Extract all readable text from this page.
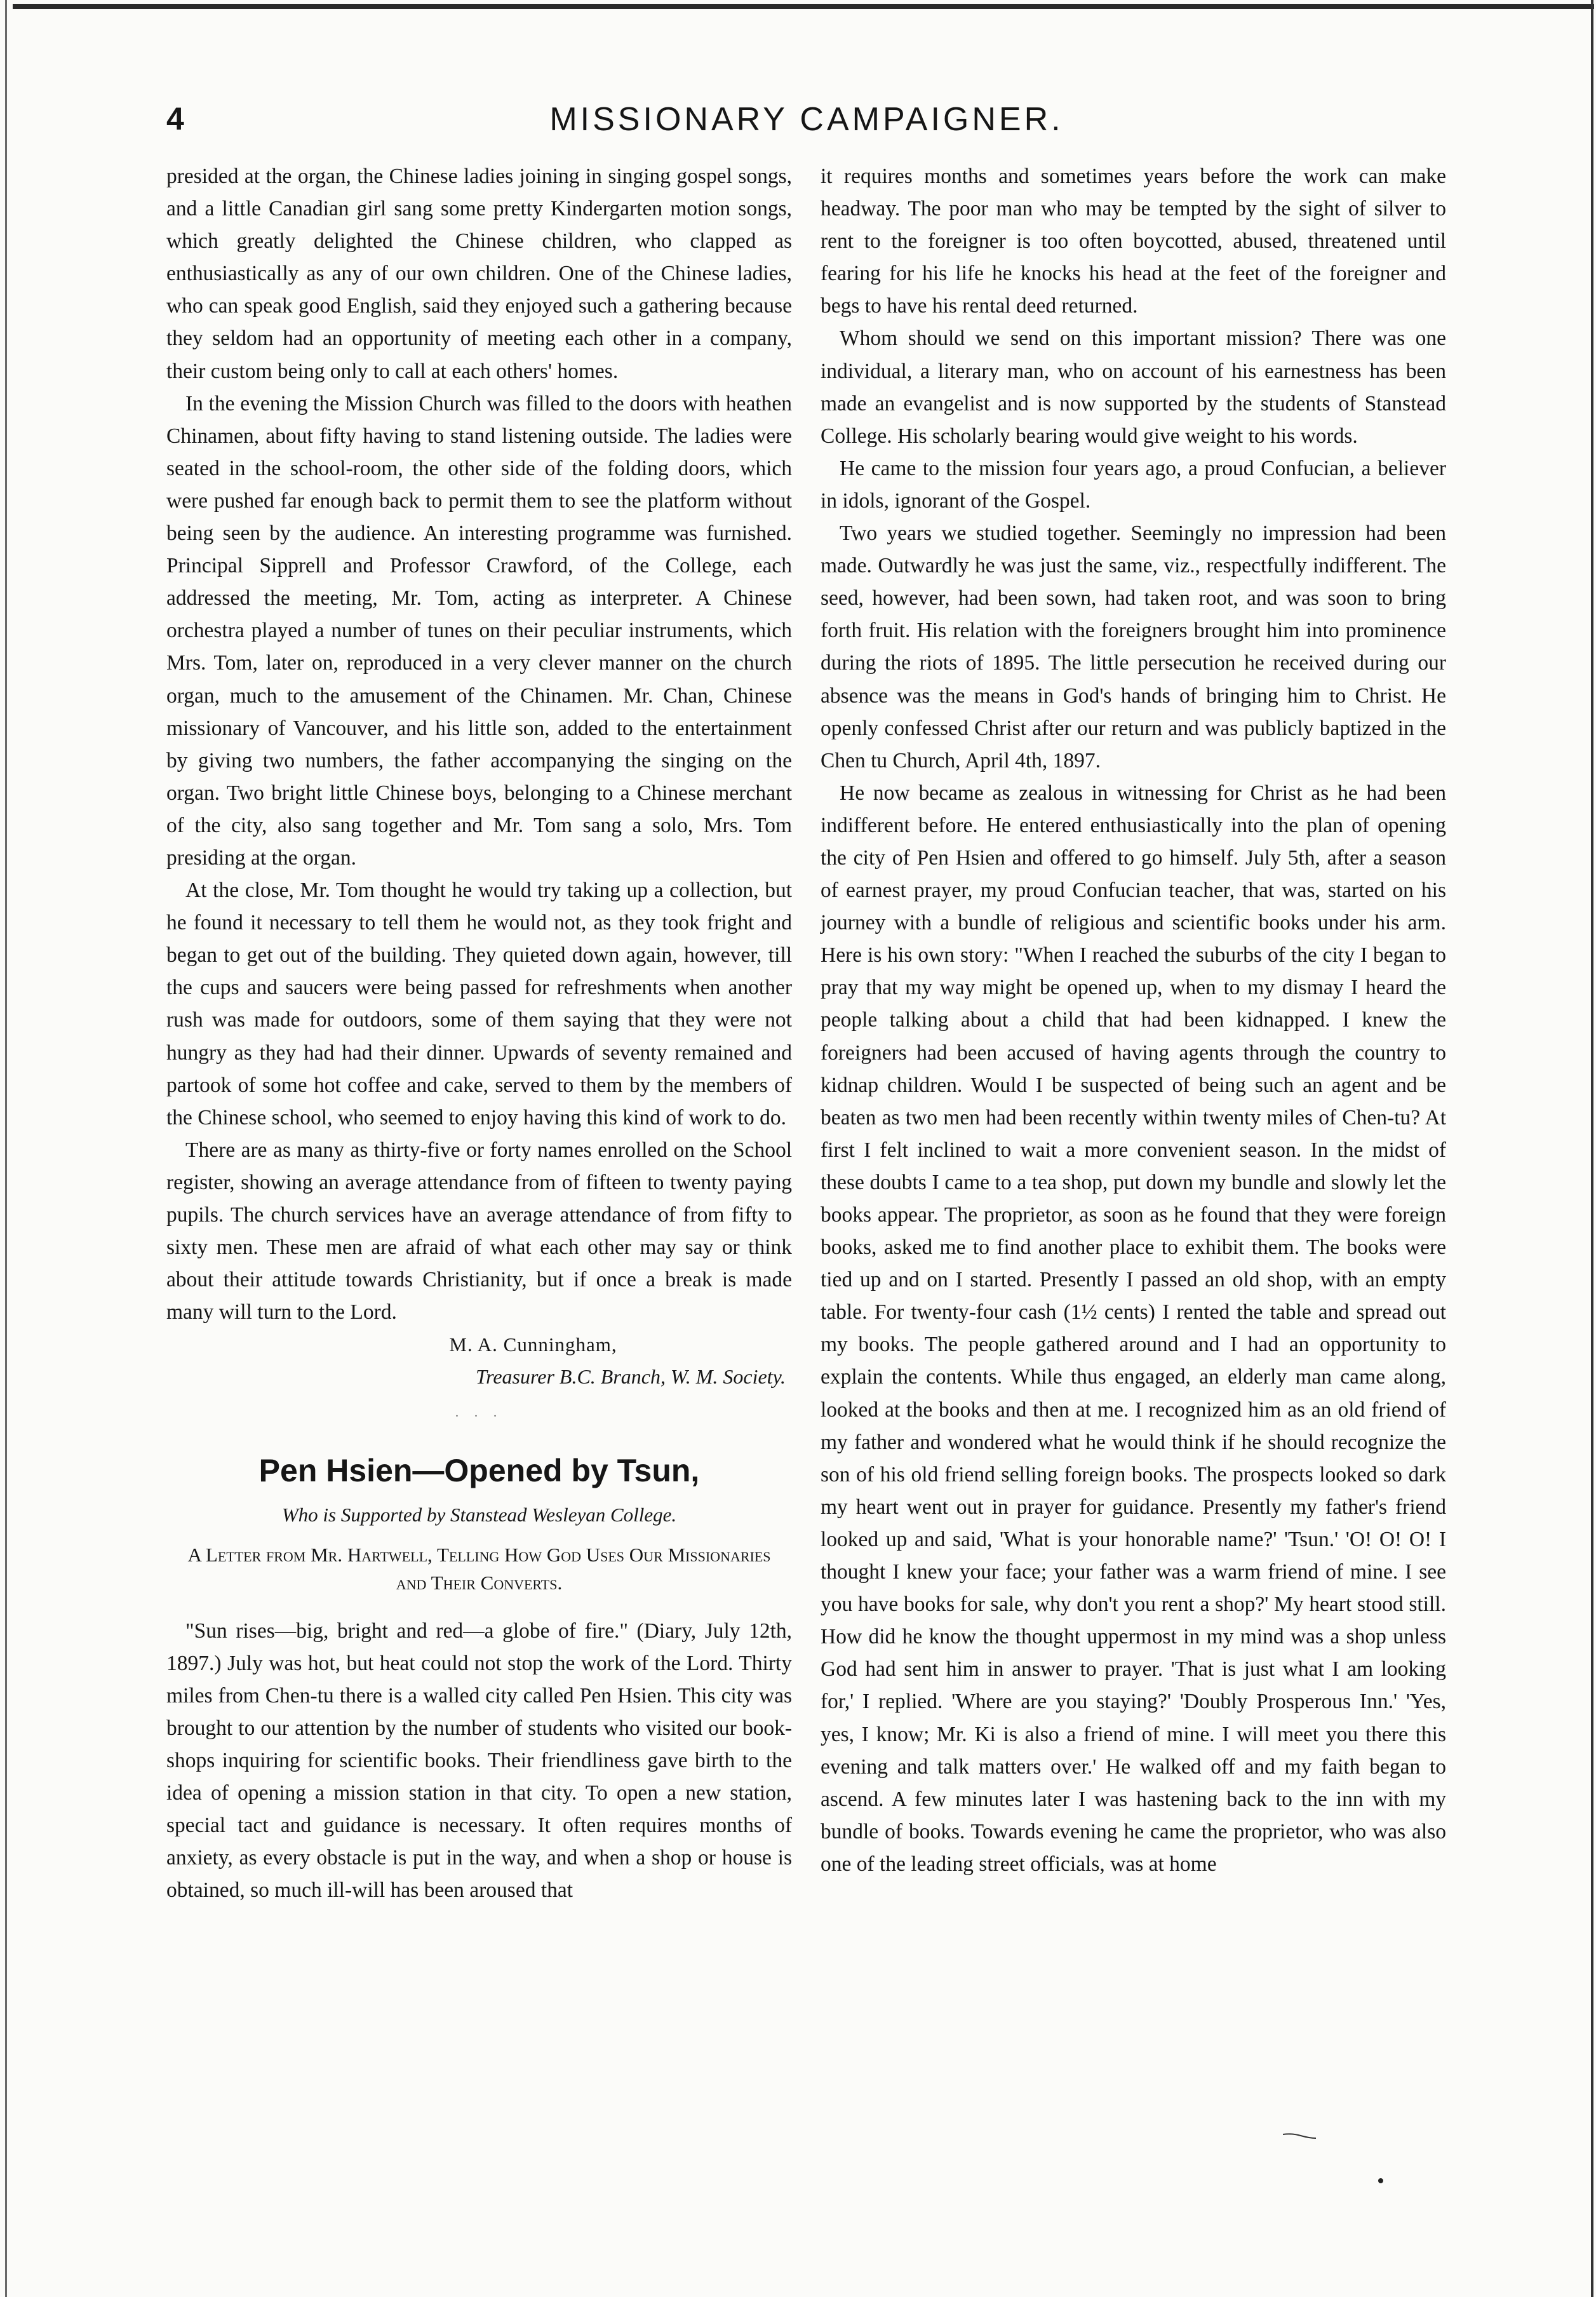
4	MISSIONARY CAMPAIGNER.

presided at the organ, the Chinese ladies joining in singing gospel songs, and a little Canadian girl sang some pretty Kindergarten motion songs, which greatly delighted the Chinese children, who clapped as enthusiastically as any of our own children. One of the Chinese ladies, who can speak good English, said they enjoyed such a gathering because they seldom had an opportunity of meeting each other in a company, their custom being only to call at each others' homes.

In the evening the Mission Church was filled to the doors with heathen Chinamen, about fifty having to stand listening outside. The ladies were seated in the school-room, the other side of the folding doors, which were pushed far enough back to permit them to see the platform without being seen by the audience. An interesting programme was furnished. Principal Sipprell and Professor Crawford, of the College, each addressed the meeting, Mr. Tom, acting as interpreter. A Chinese orchestra played a number of tunes on their peculiar instruments, which Mrs. Tom, later on, reproduced in a very clever manner on the church organ, much to the amusement of the Chinamen. Mr. Chan, Chinese missionary of Vancouver, and his little son, added to the entertainment by giving two numbers, the father accompanying the singing on the organ. Two bright little Chinese boys, belonging to a Chinese merchant of the city, also sang together and Mr. Tom sang a solo, Mrs. Tom presiding at the organ.

At the close, Mr. Tom thought he would try taking up a collection, but he found it necessary to tell them he would not, as they took fright and began to get out of the building. They quieted down again, however, till the cups and saucers were being passed for refreshments when another rush was made for outdoors, some of them saying that they were not hungry as they had had their dinner. Upwards of seventy remained and partook of some hot coffee and cake, served to them by the members of the Chinese school, who seemed to enjoy having this kind of work to do.

There are as many as thirty-five or forty names enrolled on the School register, showing an average attendance from of fifteen to twenty paying pupils. The church services have an average attendance of from fifty to sixty men. These men are afraid of what each other may say or think about their attitude towards Christianity, but if once a break is made many will turn to the Lord.

M. A. Cunningham,
Treasurer B.C. Branch, W. M. Society.
. . .
Pen Hsien—Opened by Tsun,
Who is Supported by Stanstead Wesleyan College.
A Letter from Mr. Hartwell, Telling How God Uses Our Missionaries and Their Converts.

"Sun rises—big, bright and red—a globe of fire." (Diary, July 12th, 1897.) July was hot, but heat could not stop the work of the Lord. Thirty miles from Chen-tu there is a walled city called Pen Hsien. This city was brought to our attention by the number of students who visited our book-shops inquiring for scientific books. Their friendliness gave birth to the idea of opening a mission station in that city. To open a new station, special tact and guidance is necessary. It often requires months of anxiety, as every obstacle is put in the way, and when a shop or house is obtained, so much ill-will has been aroused that

it requires months and sometimes years before the work can make headway. The poor man who may be tempted by the sight of silver to rent to the foreigner is too often boycotted, abused, threatened until fearing for his life he knocks his head at the feet of the foreigner and begs to have his rental deed returned.

Whom should we send on this important mission? There was one individual, a literary man, who on account of his earnestness has been made an evangelist and is now supported by the students of Stanstead College. His scholarly bearing would give weight to his words.

He came to the mission four years ago, a proud Confucian, a believer in idols, ignorant of the Gospel.

Two years we studied together. Seemingly no impression had been made. Outwardly he was just the same, viz., respectfully indifferent. The seed, however, had been sown, had taken root, and was soon to bring forth fruit. His relation with the foreigners brought him into prominence during the riots of 1895. The little persecution he received during our absence was the means in God's hands of bringing him to Christ. He openly confessed Christ after our return and was publicly baptized in the Chen tu Church, April 4th, 1897.

He now became as zealous in witnessing for Christ as he had been indifferent before. He entered enthusiastically into the plan of opening the city of Pen Hsien and offered to go himself. July 5th, after a season of earnest prayer, my proud Confucian teacher, that was, started on his journey with a bundle of religious and scientific books under his arm. Here is his own story: "When I reached the suburbs of the city I began to pray that my way might be opened up, when to my dismay I heard the people talking about a child that had been kidnapped. I knew the foreigners had been accused of having agents through the country to kidnap children. Would I be suspected of being such an agent and be beaten as two men had been recently within twenty miles of Chen-tu? At first I felt inclined to wait a more convenient season. In the midst of these doubts I came to a tea shop, put down my bundle and slowly let the books appear. The proprietor, as soon as he found that they were foreign books, asked me to find another place to exhibit them. The books were tied up and on I started. Presently I passed an old shop, with an empty table. For twenty-four cash (1½ cents) I rented the table and spread out my books. The people gathered around and I had an opportunity to explain the contents. While thus engaged, an elderly man came along, looked at the books and then at me. I recognized him as an old friend of my father and wondered what he would think if he should recognize the son of his old friend selling foreign books. The prospects looked so dark my heart went out in prayer for guidance. Presently my father's friend looked up and said, 'What is your honorable name?' 'Tsun.' 'O! O! O! I thought I knew your face; your father was a warm friend of mine. I see you have books for sale, why don't you rent a shop?' My heart stood still. How did he know the thought uppermost in my mind was a shop unless God had sent him in answer to prayer. 'That is just what I am looking for,' I replied. 'Where are you staying?' 'Doubly Prosperous Inn.' 'Yes, yes, I know; Mr. Ki is also a friend of mine. I will meet you there this evening and talk matters over.' He walked off and my faith began to ascend. A few minutes later I was hastening back to the inn with my bundle of books. Towards evening he came the proprietor, who was also one of the leading street officials, was at home
